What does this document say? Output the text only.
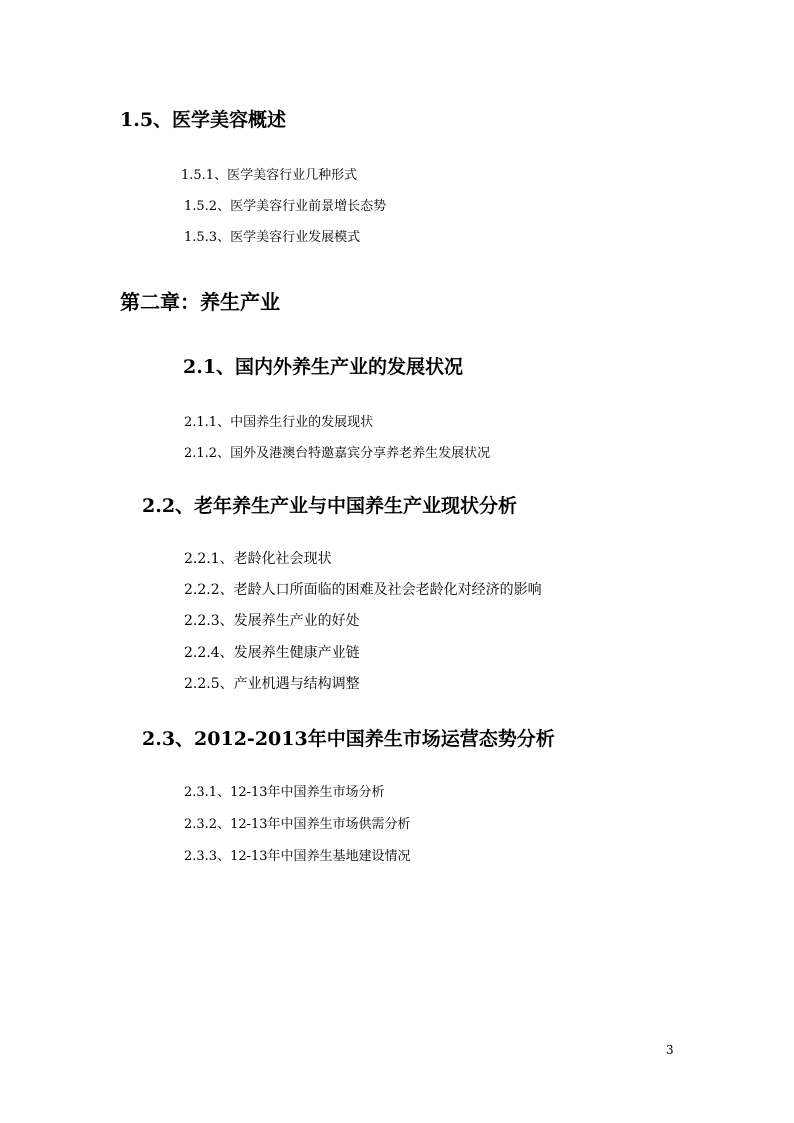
1.5、医学美容概述
1.5.1、医学美容行业几种形式
1.5.2、医学美容行业前景增长态势
1.5.3、医学美容行业发展模式
第二章：养生产业
2.1、国内外养生产业的发展状况
2.1.1、中国养生行业的发展现状
2.1.2、国外及港澳台特邀嘉宾分享养老养生发展状况
2.2、老年养生产业与中国养生产业现状分析
2.2.1、老龄化社会现状
2.2.2、老龄人口所面临的困难及社会老龄化对经济的影响
2.2.3、发展养生产业的好处
2.2.4、发展养生健康产业链
2.2.5、产业机遇与结构调整
2.3、2012-2013年中国养生市场运营态势分析
2.3.1、12-13年中国养生市场分析
2.3.2、12-13年中国养生市场供需分析
2.3.3、12-13年中国养生基地建设情况
3
